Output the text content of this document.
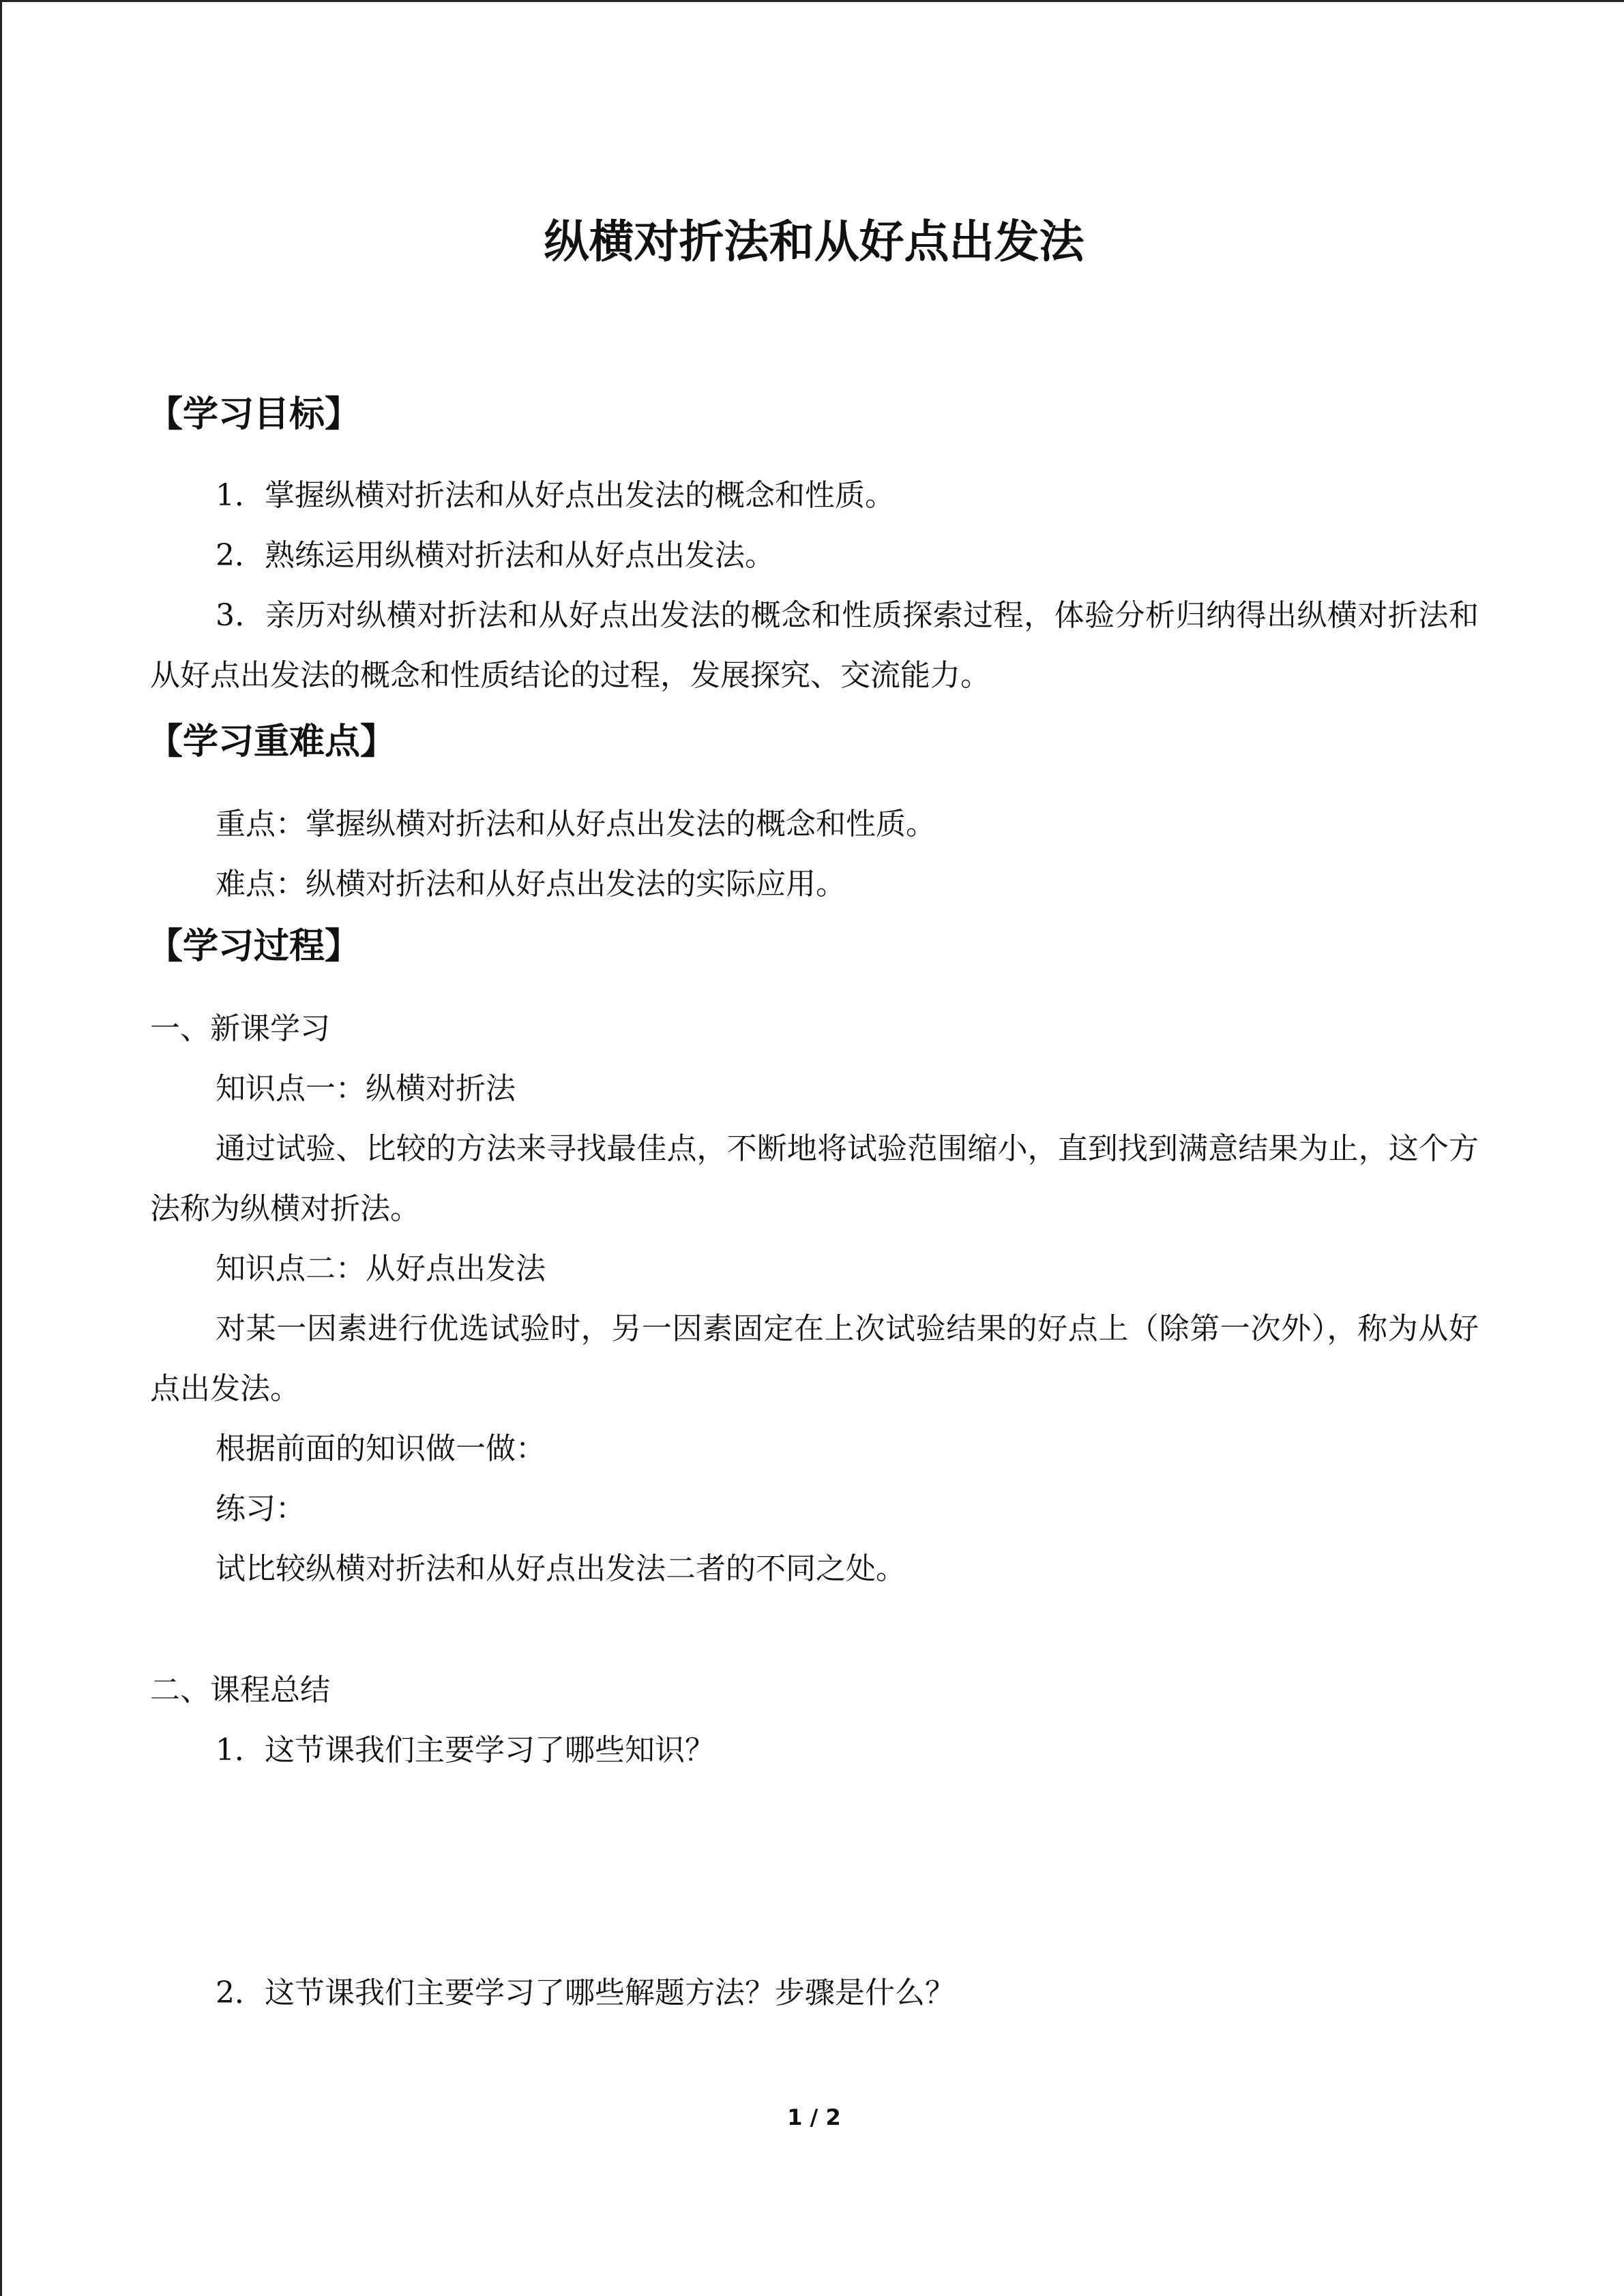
纵横对折法和从好点出发法
【学习目标】
1．掌握纵横对折法和从好点出发法的概念和性质。
2．熟练运用纵横对折法和从好点出发法。
3．亲历对纵横对折法和从好点出发法的概念和性质探索过程，体验分析归纳得出纵横对折法和从好点出发法的概念和性质结论的过程，发展探究、交流能力。
【学习重难点】
重点：掌握纵横对折法和从好点出发法的概念和性质。
难点：纵横对折法和从好点出发法的实际应用。
【学习过程】
一、新课学习
知识点一：纵横对折法
通过试验、比较的方法来寻找最佳点，不断地将试验范围缩小，直到找到满意结果为止，这个方法称为纵横对折法。
知识点二：从好点出发法
对某一因素进行优选试验时，另一因素固定在上次试验结果的好点上（除第一次外），称为从好点出发法。
根据前面的知识做一做：
练习：
试比较纵横对折法和从好点出发法二者的不同之处。
二、课程总结
1．这节课我们主要学习了哪些知识？
2．这节课我们主要学习了哪些解题方法？步骤是什么？
1 / 2
